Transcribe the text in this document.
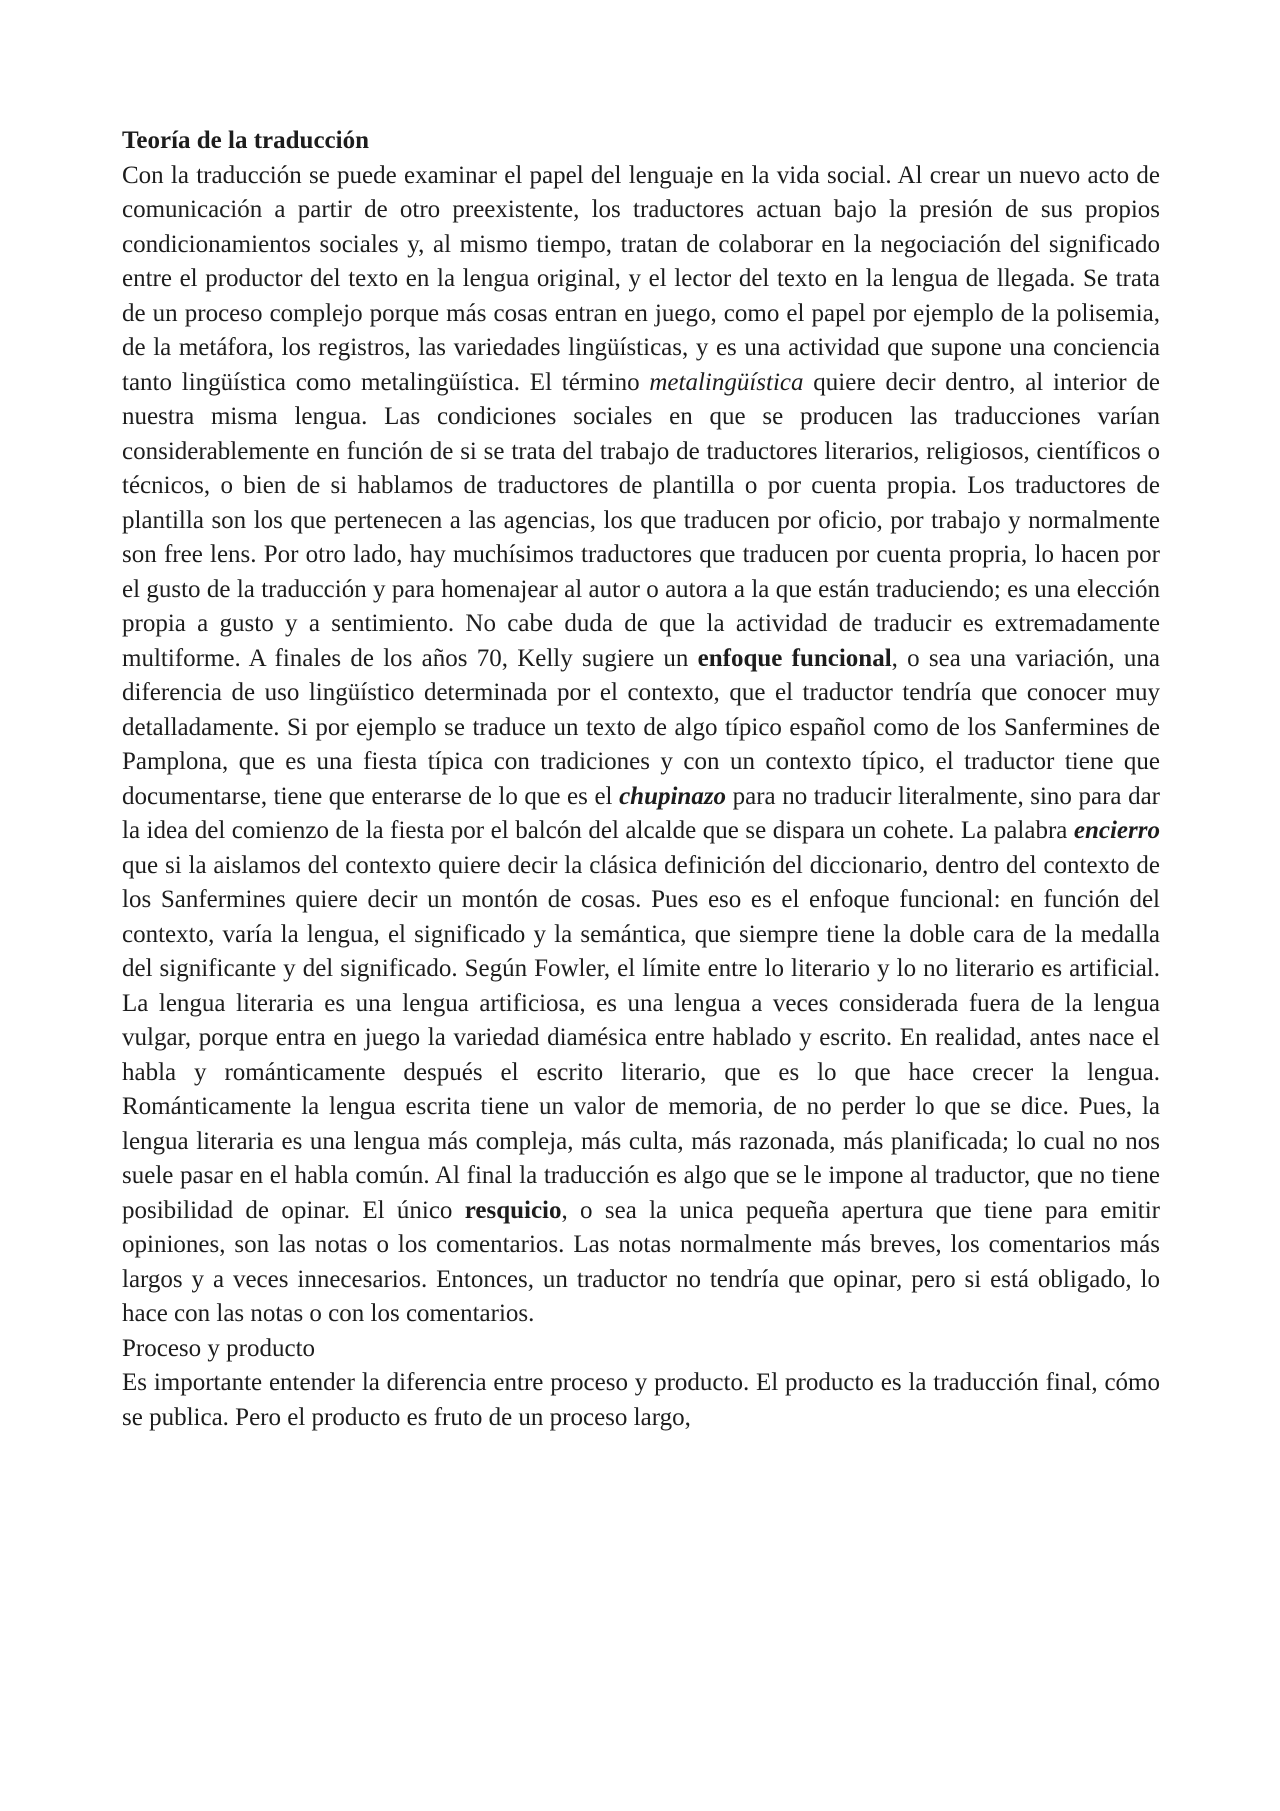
Teoría de la traducción

Con la traducción se puede examinar el papel del lenguaje en la vida social. Al crear un nuevo acto de comunicación a partir de otro preexistente, los traductores actuan bajo la presión de sus propios condicionamientos sociales y, al mismo tiempo, tratan de colaborar en la negociación del significado entre el productor del texto en la lengua original, y el lector del texto en la lengua de llegada. Se trata de un proceso complejo porque más cosas entran en juego, como el papel por ejemplo de la polisemia, de la metáfora, los registros, las variedades lingüísticas, y es una actividad que supone una conciencia tanto lingüística como metalingüística. El término metalingüística quiere decir dentro, al interior de nuestra misma lengua. Las condiciones sociales en que se producen las traducciones varían considerablemente en función de si se trata del trabajo de traductores literarios, religiosos, científicos o técnicos, o bien de si hablamos de traductores de plantilla o por cuenta propia. Los traductores de plantilla son los que pertenecen a las agencias, los que traducen por oficio, por trabajo y normalmente son free lens. Por otro lado, hay muchísimos traductores que traducen por cuenta propria, lo hacen por el gusto de la traducción y para homenajear al autor o autora a la que están traduciendo; es una elección propia a gusto y a sentimiento. No cabe duda de que la actividad de traducir es extremadamente multiforme. A finales de los años 70, Kelly sugiere un enfoque funcional, o sea una variación, una diferencia de uso lingüístico determinada por el contexto, que el traductor tendría que conocer muy detalladamente. Si por ejemplo se traduce un texto de algo típico español como de los Sanfermines de Pamplona, que es una fiesta típica con tradiciones y con un contexto típico, el traductor tiene que documentarse, tiene que enterarse de lo que es el chupinazo para no traducir literalmente, sino para dar la idea del comienzo de la fiesta por el balcón del alcalde que se dispara un cohete. La palabra encierro que si la aislamos del contexto quiere decir la clásica definición del diccionario, dentro del contexto de los Sanfermines quiere decir un montón de cosas. Pues eso es el enfoque funcional: en función del contexto, varía la lengua, el significado y la semántica, que siempre tiene la doble cara de la medalla del significante y del significado. Según Fowler, el límite entre lo literario y lo no literario es artificial. La lengua literaria es una lengua artificiosa, es una lengua a veces considerada fuera de la lengua vulgar, porque entra en juego la variedad diamésica entre hablado y escrito. En realidad, antes nace el habla y románticamente después el escrito literario, que es lo que hace crecer la lengua. Románticamente la lengua escrita tiene un valor de memoria, de no perder lo que se dice. Pues, la lengua literaria es una lengua más compleja, más culta, más razonada, más planificada; lo cual no nos suele pasar en el habla común. Al final la traducción es algo que se le impone al traductor, que no tiene posibilidad de opinar. El único resquicio, o sea la unica pequeña apertura que tiene para emitir opiniones, son las notas o los comentarios. Las notas normalmente más breves, los comentarios más largos y a veces innecesarios. Entonces, un traductor no tendría que opinar, pero si está obligado, lo hace con las notas o con los comentarios.

Proceso y producto

Es importante entender la diferencia entre proceso y producto. El producto es la traducción final, cómo se publica. Pero el producto es fruto de un proceso largo,
